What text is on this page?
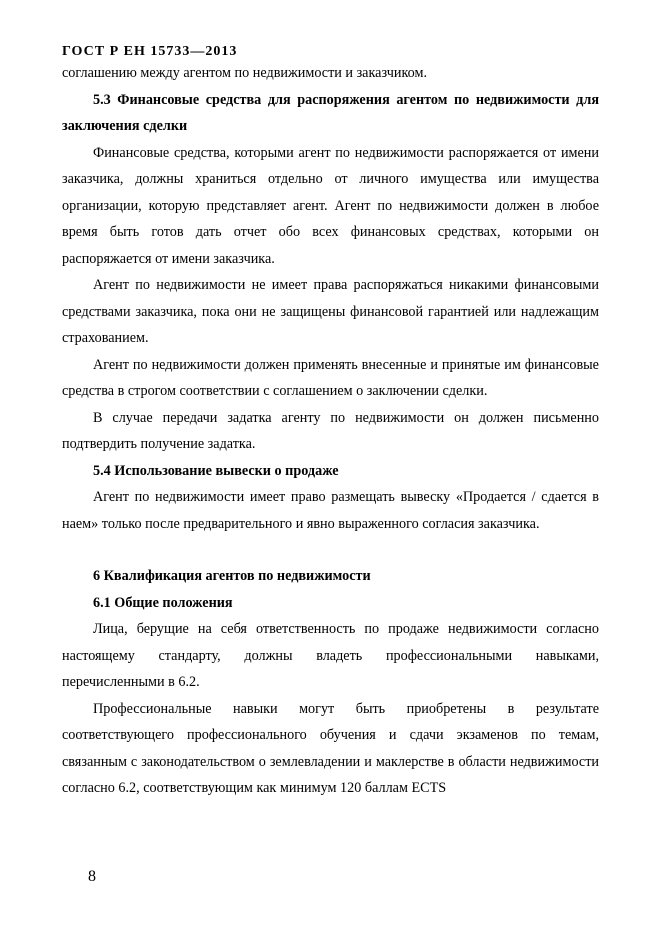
ГОСТ Р ЕН 15733—2013

соглашению между агентом по недвижимости и заказчиком.

5.3 Финансовые средства для распоряжения агентом по недвижимости для заключения сделки

Финансовые средства, которыми агент по недвижимости распоряжается от имени заказчика, должны храниться отдельно от личного имущества или имущества организации, которую представляет агент. Агент по недвижимости должен в любое время быть готов дать отчет обо всех финансовых средствах, которыми он распоряжается от имени заказчика.

Агент по недвижимости не имеет права распоряжаться никакими финансовыми средствами заказчика, пока они не защищены финансовой гарантией или надлежащим страхованием.

Агент по недвижимости должен применять внесенные и принятые им финансовые средства в строгом соответствии с соглашением о заключении сделки.

В случае передачи задатка агенту по недвижимости он должен письменно подтвердить получение задатка.

5.4 Использование вывески о продаже

Агент по недвижимости имеет право размещать вывеску «Продается / сдается в наем» только после предварительного и явно выраженного согласия заказчика.

6 Квалификация агентов по недвижимости

6.1 Общие положения

Лица, берущие на себя ответственность по продаже недвижимости согласно настоящему стандарту, должны владеть профессиональными навыками, перечисленными в 6.2.

Профессиональные навыки могут быть приобретены в результате соответствующего профессионального обучения и сдачи экзаменов по темам, связанным с законодательством о землевладении и маклерстве в области недвижимости согласно 6.2, соответствующим как минимум 120 баллам ECTS

8
